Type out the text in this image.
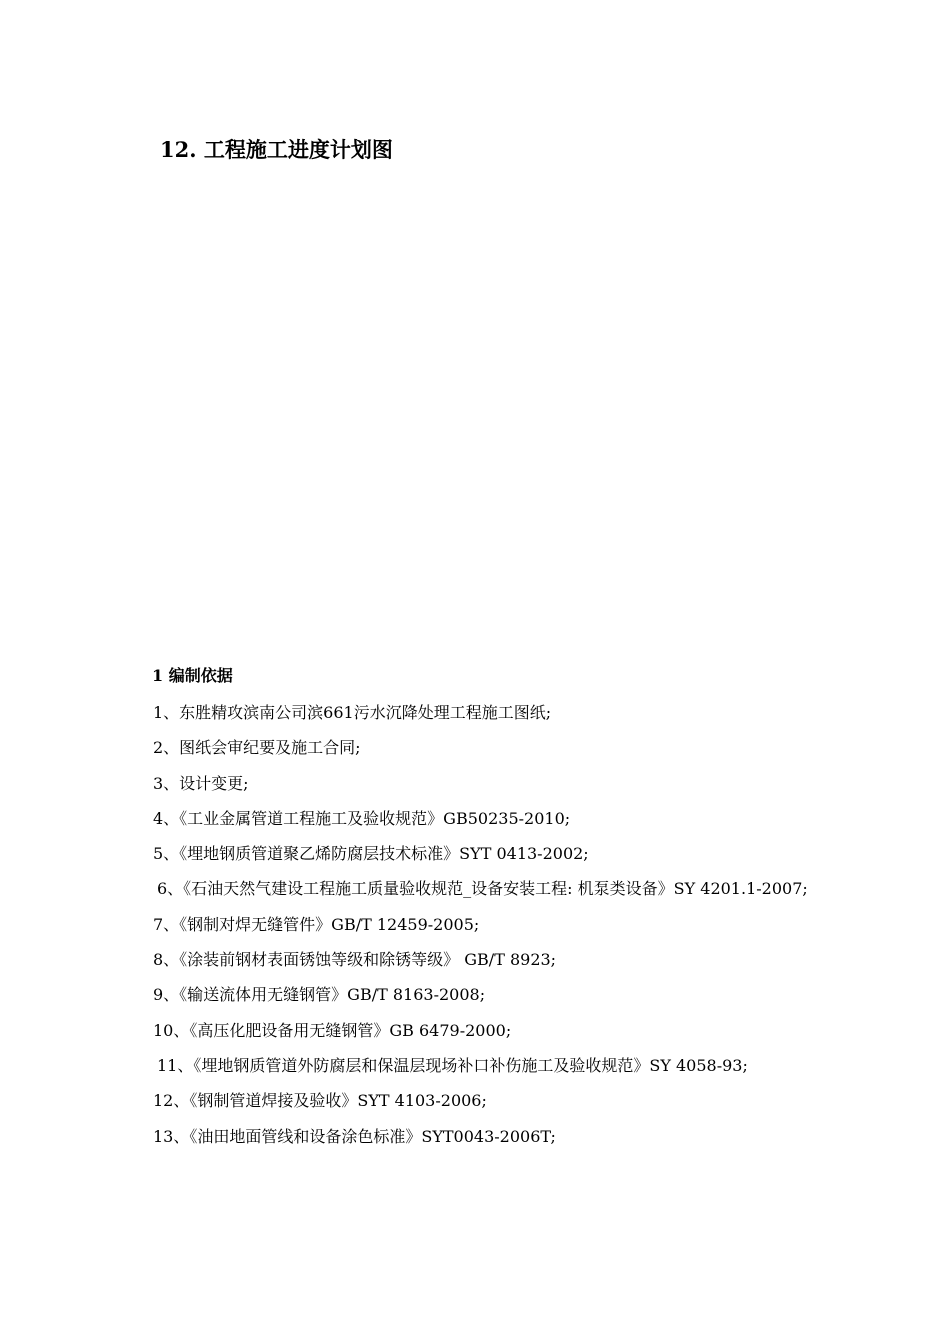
12. 工程施工进度计划图
1 编制依据
1、东胜精攻滨南公司滨661污水沉降处理工程施工图纸;
2、图纸会审纪要及施工合同;
3、设计变更;
4、《工业金属管道工程施工及验收规范》GB50235-2010;
5、《埋地钢质管道聚乙烯防腐层技术标准》SYT 0413-2002;
6、《石油天然气建设工程施工质量验收规范_设备安装工程: 机泵类设备》SY 4201.1-2007;
7、《钢制对焊无缝管件》GB/T 12459-2005;
8、《涂装前钢材表面锈蚀等级和除锈等级》 GB/T 8923;
9、《输送流体用无缝钢管》GB/T 8163-2008;
10、《高压化肥设备用无缝钢管》GB 6479-2000;
11、《埋地钢质管道外防腐层和保温层现场补口补伤施工及验收规范》SY 4058-93;
12、《钢制管道焊接及验收》SYT 4103-2006;
13、《油田地面管线和设备涂色标准》SYT0043-2006T;
